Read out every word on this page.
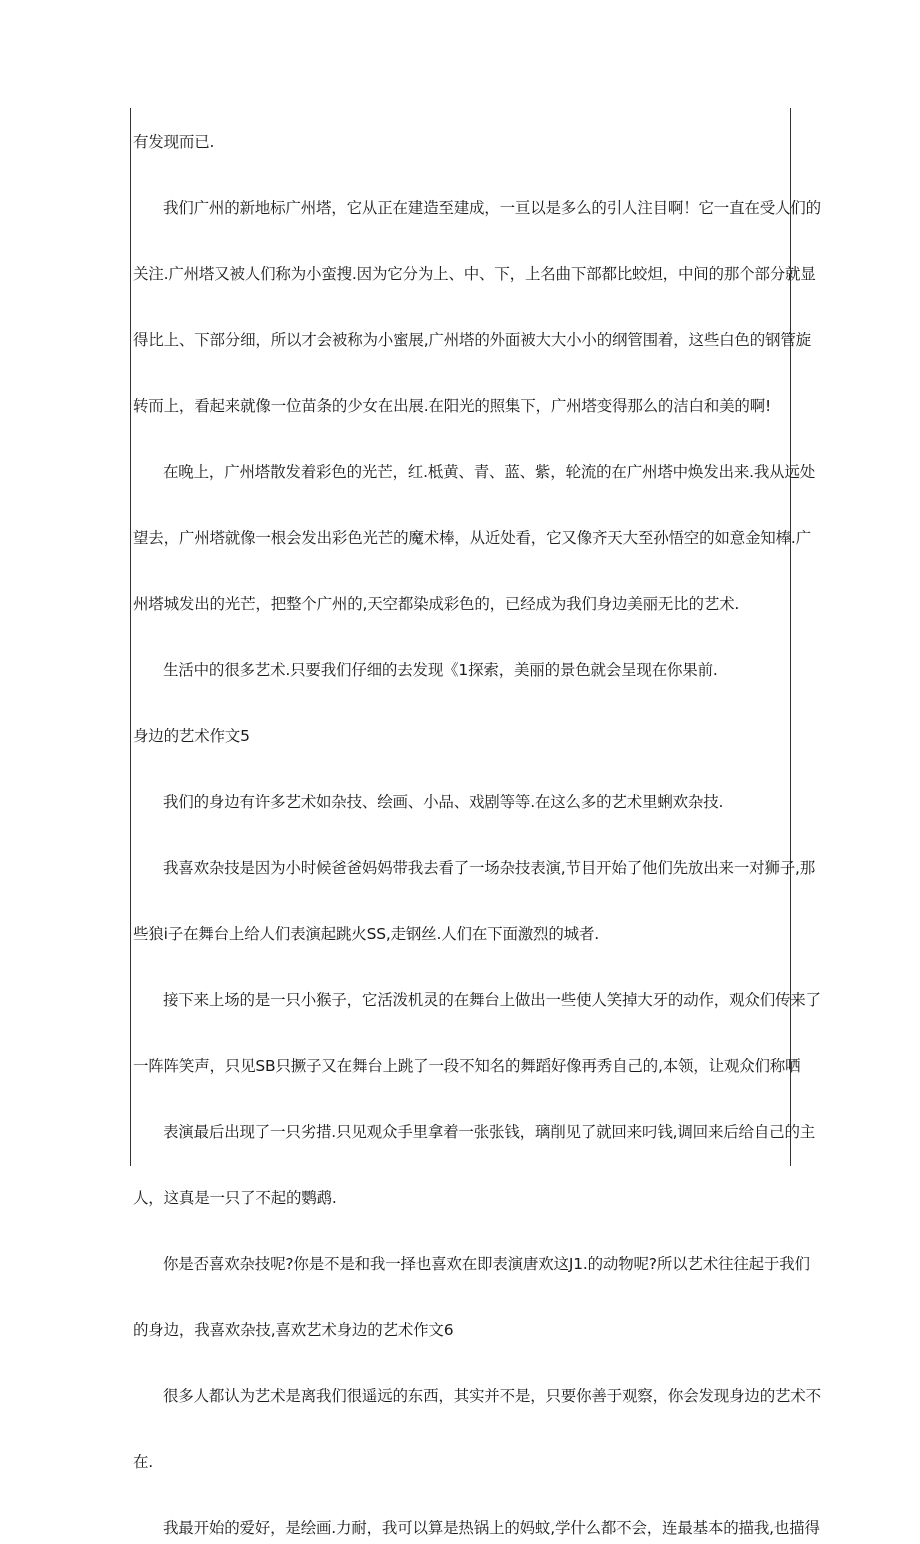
有发现而已.
我们广州的新地标广州塔，它从正在建造至建成，一亘以是多么的引人注目啊！它一直在受人们的
关注.广州塔又被人们称为小蛮搜.因为它分为上、中、下，上名曲下部都比蛟炟，中间的那个部分就显
得比上、下部分细，所以才会被称为小蜜展,广州塔的外面被大大小小的纲管围着，这些白色的钢管旋
转而上，看起来就像一位苗条的少女在出展.在阳光的照集下，广州塔变得那么的洁白和美的啊!
在晚上，广州塔散发着彩色的光芒，红.柢黄、青、蓝、紫，轮流的在广州塔中焕发出来.我从远处
望去，广州塔就像一根会发出彩色光芒的魔术棒，从近处看，它又像齐天大至孙悟空的如意金知棒.广
州塔城发出的光芒，把整个广州的,天空都染成彩色的，已经成为我们身边美丽无比的艺术.
生活中的很多艺术.只要我们仔细的去发现《1探索，美丽的景色就会呈现在你果前.
身边的艺术作文5
我们的身边有许多艺术如杂技、绘画、小品、戏剧等等.在这么多的艺术里蜊欢杂技.
我喜欢杂技是因为小时候爸爸妈妈带我去看了一场杂技表演,节目开始了他们先放出来一对狮子,那
些狼i子在舞台上给人们表演起跳火SS,走钢丝.人们在下面激烈的城者.
接下来上场的是一只小猴子，它活泼机灵的在舞台上做出一些使人笑掉大牙的动作，观众们传来了
一阵阵笑声，只见SB只撅子又在舞台上跳了一段不知名的舞蹈好像再秀自己的,本领，让观众们称哂
表演最后出现了一只劣措.只见观众手里拿着一张张钱，璃削见了就回来叼钱,调回来后给自己的主
人，这真是一只了不起的鹦鹉.
你是否喜欢杂技呢?你是不是和我一择也喜欢在即表演唐欢这J1.的动物呢?所以艺术往往起于我们
的身边，我喜欢杂技,喜欢艺术身边的艺术作文6
很多人都认为艺术是离我们很遥远的东西，其实并不是，只要你善于观察，你会发现身边的艺术不
在.
我最开始的爱好，是绘画.力耐，我可以算是热锅上的妈蚊,学什么都不会，连最基本的描我,也描得
